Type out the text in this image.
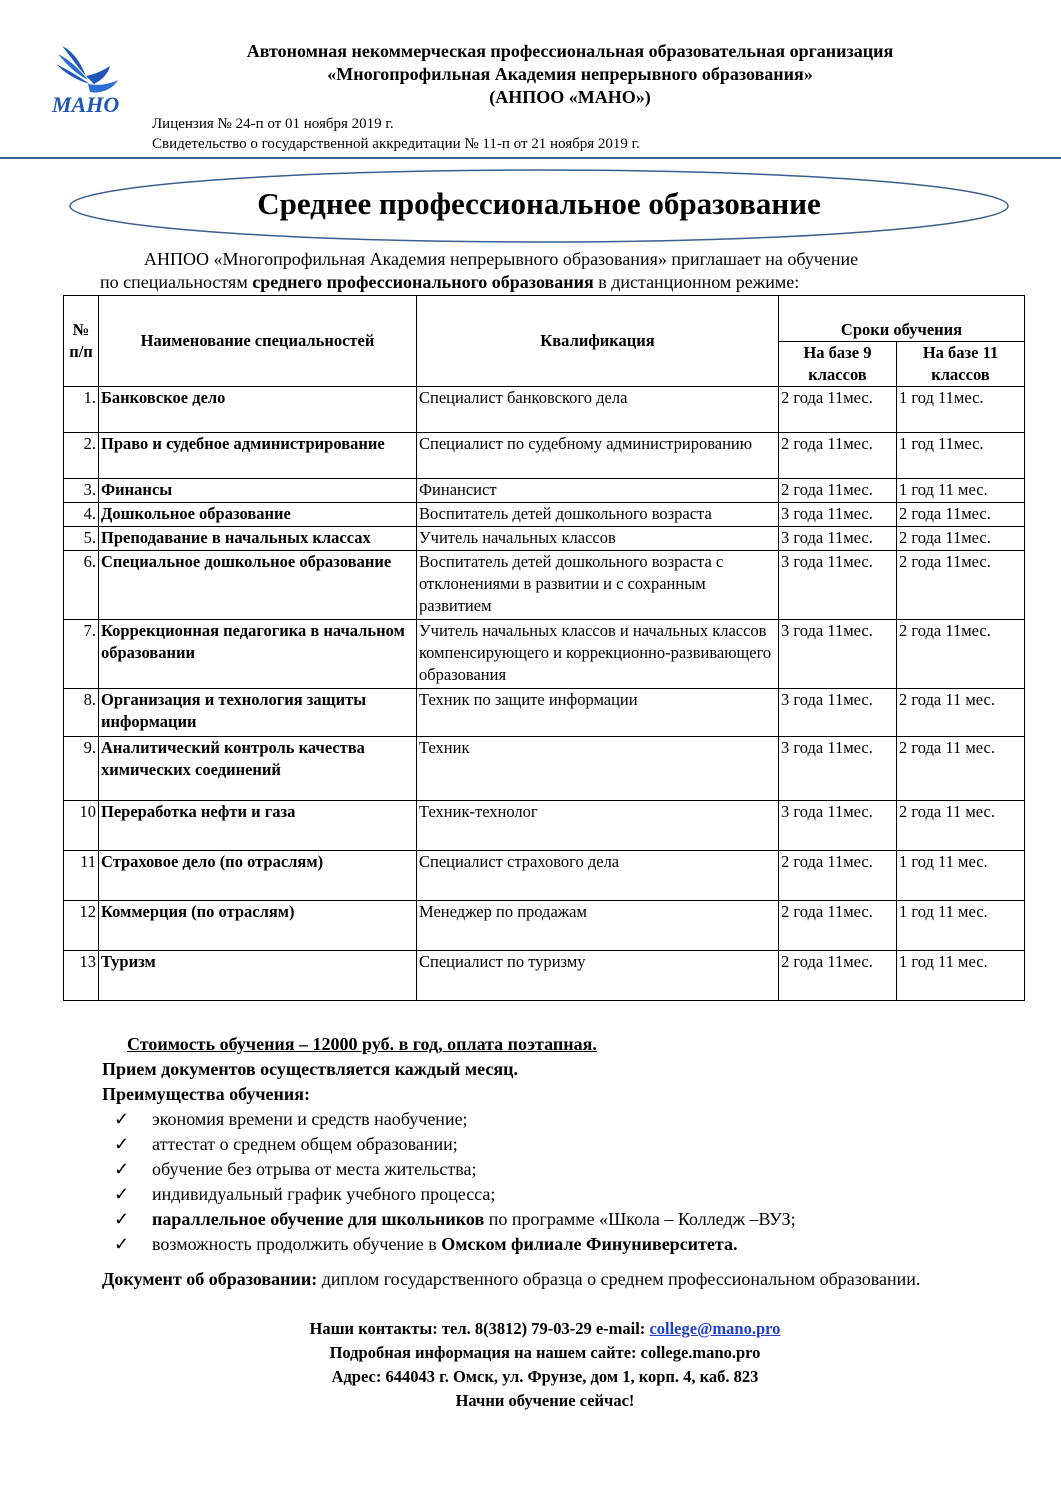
МАНО
Автономная некоммерческая профессиональная образовательная организация
«Многопрофильная Академия непрерывного образования»
(АНПОО «МАНО»)
Лицензия № 24-п от 01 ноября 2019 г.
Свидетельство о государственной аккредитации № 11-п от 21 ноября 2019 г.
Среднее профессиональное образование
АНПОО «Многопрофильная Академия непрерывного образования» приглашает на обучение
по специальностям среднего профессионального образования в дистанционном режиме:
№ п/п	Наименование специальностей	Квалификация	Сроки обучения	
			На базе 9 классов	На базе 11 классов
1.	Банковское дело	Специалист банковского дела	2 года 11мес.	1 год 11мес.
2.	Право и судебное администрирование	Специалист по судебному администрированию	2 года 11мес.	1 год 11мес.
3.	Финансы	Финансист	2 года 11мес.	1 год 11 мес.
4.	Дошкольное образование	Воспитатель детей дошкольного возраста	3 года 11мес.	2 года 11мес.
5.	Преподавание в начальных классах	Учитель начальных классов	3 года 11мес.	2 года 11мес.
6.	Специальное дошкольное образование	Воспитатель детей дошкольного возраста с отклонениями в развитии и с сохранным развитием	3 года 11мес.	2 года 11мес.
7.	Коррекционная педагогика в начальном образовании	Учитель начальных классов и начальных классов компенсирующего и коррекционно-развивающего образования	3 года 11мес.	2 года 11мес.
8.	Организация и технология защиты информации	Техник по защите информации	3 года 11мес.	2 года 11 мес.
9.	Аналитический контроль качества химических соединений	Техник	3 года 11мес.	2 года 11 мес.
10	Переработка нефти и газа	Техник-технолог	3 года 11мес.	2 года 11 мес.
11	Страховое дело (по отраслям)	Специалист страхового дела	2 года 11мес.	1 год 11 мес.
12	Коммерция (по отраслям)	Менеджер по продажам	2 года 11мес.	1 год 11 мес.
13	Туризм	Специалист по туризму	2 года 11мес.	1 год 11 мес.
Стоимость обучения – 12000 руб. в год, оплата поэтапная.
Прием документов осуществляется каждый месяц.
Преимущества обучения:
✓ экономия времени и средств наобучение;
✓ аттестат о среднем общем образовании;
✓ обучение без отрыва от места жительства;
✓ индивидуальный график учебного процесса;
✓ параллельное обучение для школьников по программе «Школа – Колледж –ВУЗ;
✓ возможность продолжить обучение в Омском филиале Финуниверситета.
Документ об образовании: диплом государственного образца о среднем профессиональном образовании.
Наши контакты: тел. 8(3812) 79-03-29 e-mail: college@mano.pro
Подробная информация на нашем сайте: college.mano.pro
Адрес: 644043 г. Омск, ул. Фрунзе, дом 1, корп. 4, каб. 823
Начни обучение сейчас!
